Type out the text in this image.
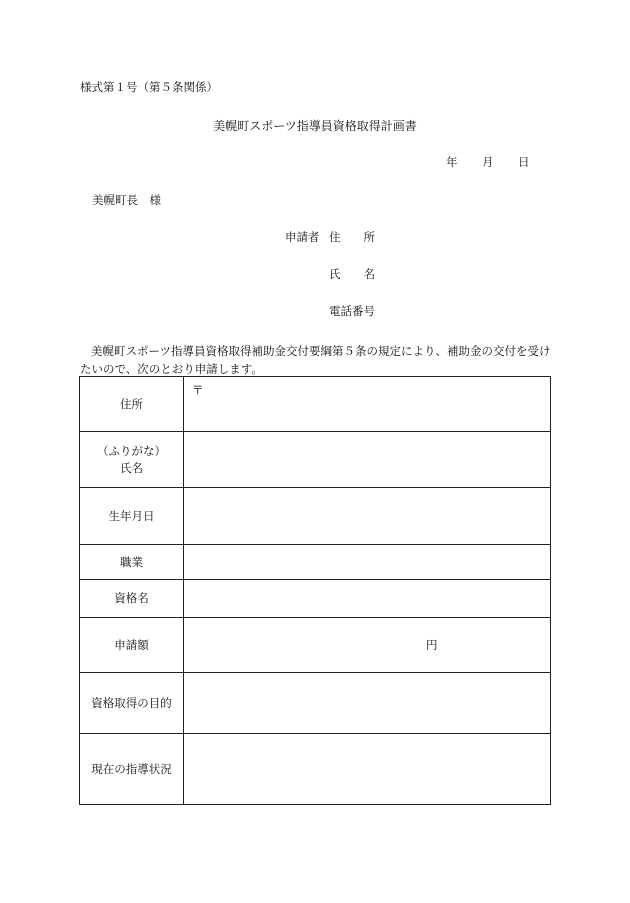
様式第１号（第５条関係）
美幌町スポーツ指導員資格取得計画書
年 月 日
美幌町長　様
申請者 住 所
氏 名
電話番号
美幌町スポーツ指導員資格取得補助金交付要綱第５条の規定により、補助金の交付を受けたいので、次のとおり申請します。
住所	〒

（ふりがな）
氏名	

生年月日	
職業	
資格名	
申請額	円

資格取得の目的	
現在の指導状況	
